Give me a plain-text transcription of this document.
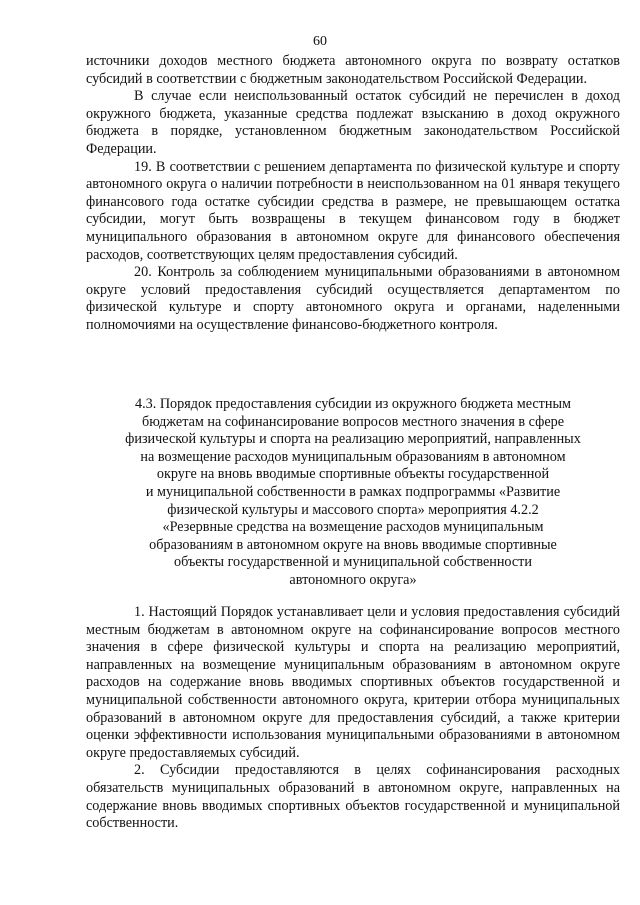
60

источники доходов местного бюджета автономного округа по возврату остатков субсидий в соответствии с бюджетным законодательством Российской Федерации.

В случае если неиспользованный остаток субсидий не перечислен в доход окружного бюджета, указанные средства подлежат взысканию в доход окружного бюджета в порядке, установленном бюджетным законодательством Российской Федерации.

19. В соответствии с решением департамента по физической культуре и спорту автономного округа о наличии потребности в неиспользованном на 01 января текущего финансового года остатке субсидии средства в размере, не превышающем остатка субсидии, могут быть возвращены в текущем финансовом году в бюджет муниципального образования в автономном округе для финансового обеспечения расходов, соответствующих целям предоставления субсидий.

20. Контроль за соблюдением муниципальными образованиями в автономном округе условий предоставления субсидий осуществляется департаментом по физической культуре и спорту автономного округа и органами, наделенными полномочиями на осуществление финансово-бюджетного контроля.

4.3. Порядок предоставления субсидии из окружного бюджета местным

бюджетам на софинансирование вопросов местного значения в сфере

физической культуры и спорта на реализацию мероприятий, направленных

на возмещение расходов муниципальным образованиям в автономном

округе на вновь вводимые спортивные объекты государственной

и муниципальной собственности в рамках подпрограммы «Развитие

физической культуры и массового спорта» мероприятия 4.2.2

«Резервные средства на возмещение расходов муниципальным

образованиям в автономном округе на вновь вводимые спортивные

объекты государственной и муниципальной собственности

автономного округа»

1. Настоящий Порядок устанавливает цели и условия предоставления субсидий местным бюджетам в автономном округе на софинансирование вопросов местного значения в сфере физической культуры и спорта на реализацию мероприятий, направленных на возмещение муниципальным образованиям в автономном округе расходов на содержание вновь вводимых спортивных объектов государственной и муниципальной собственности автономного округа, критерии отбора муниципальных образований в автономном округе для предоставления субсидий, а также критерии оценки эффективности использования муниципальными образованиями в автономном округе предоставляемых субсидий.

2. Субсидии предоставляются в целях софинансирования расходных обязательств муниципальных образований в автономном округе, направленных на содержание вновь вводимых спортивных объектов государственной и муниципальной собственности.
